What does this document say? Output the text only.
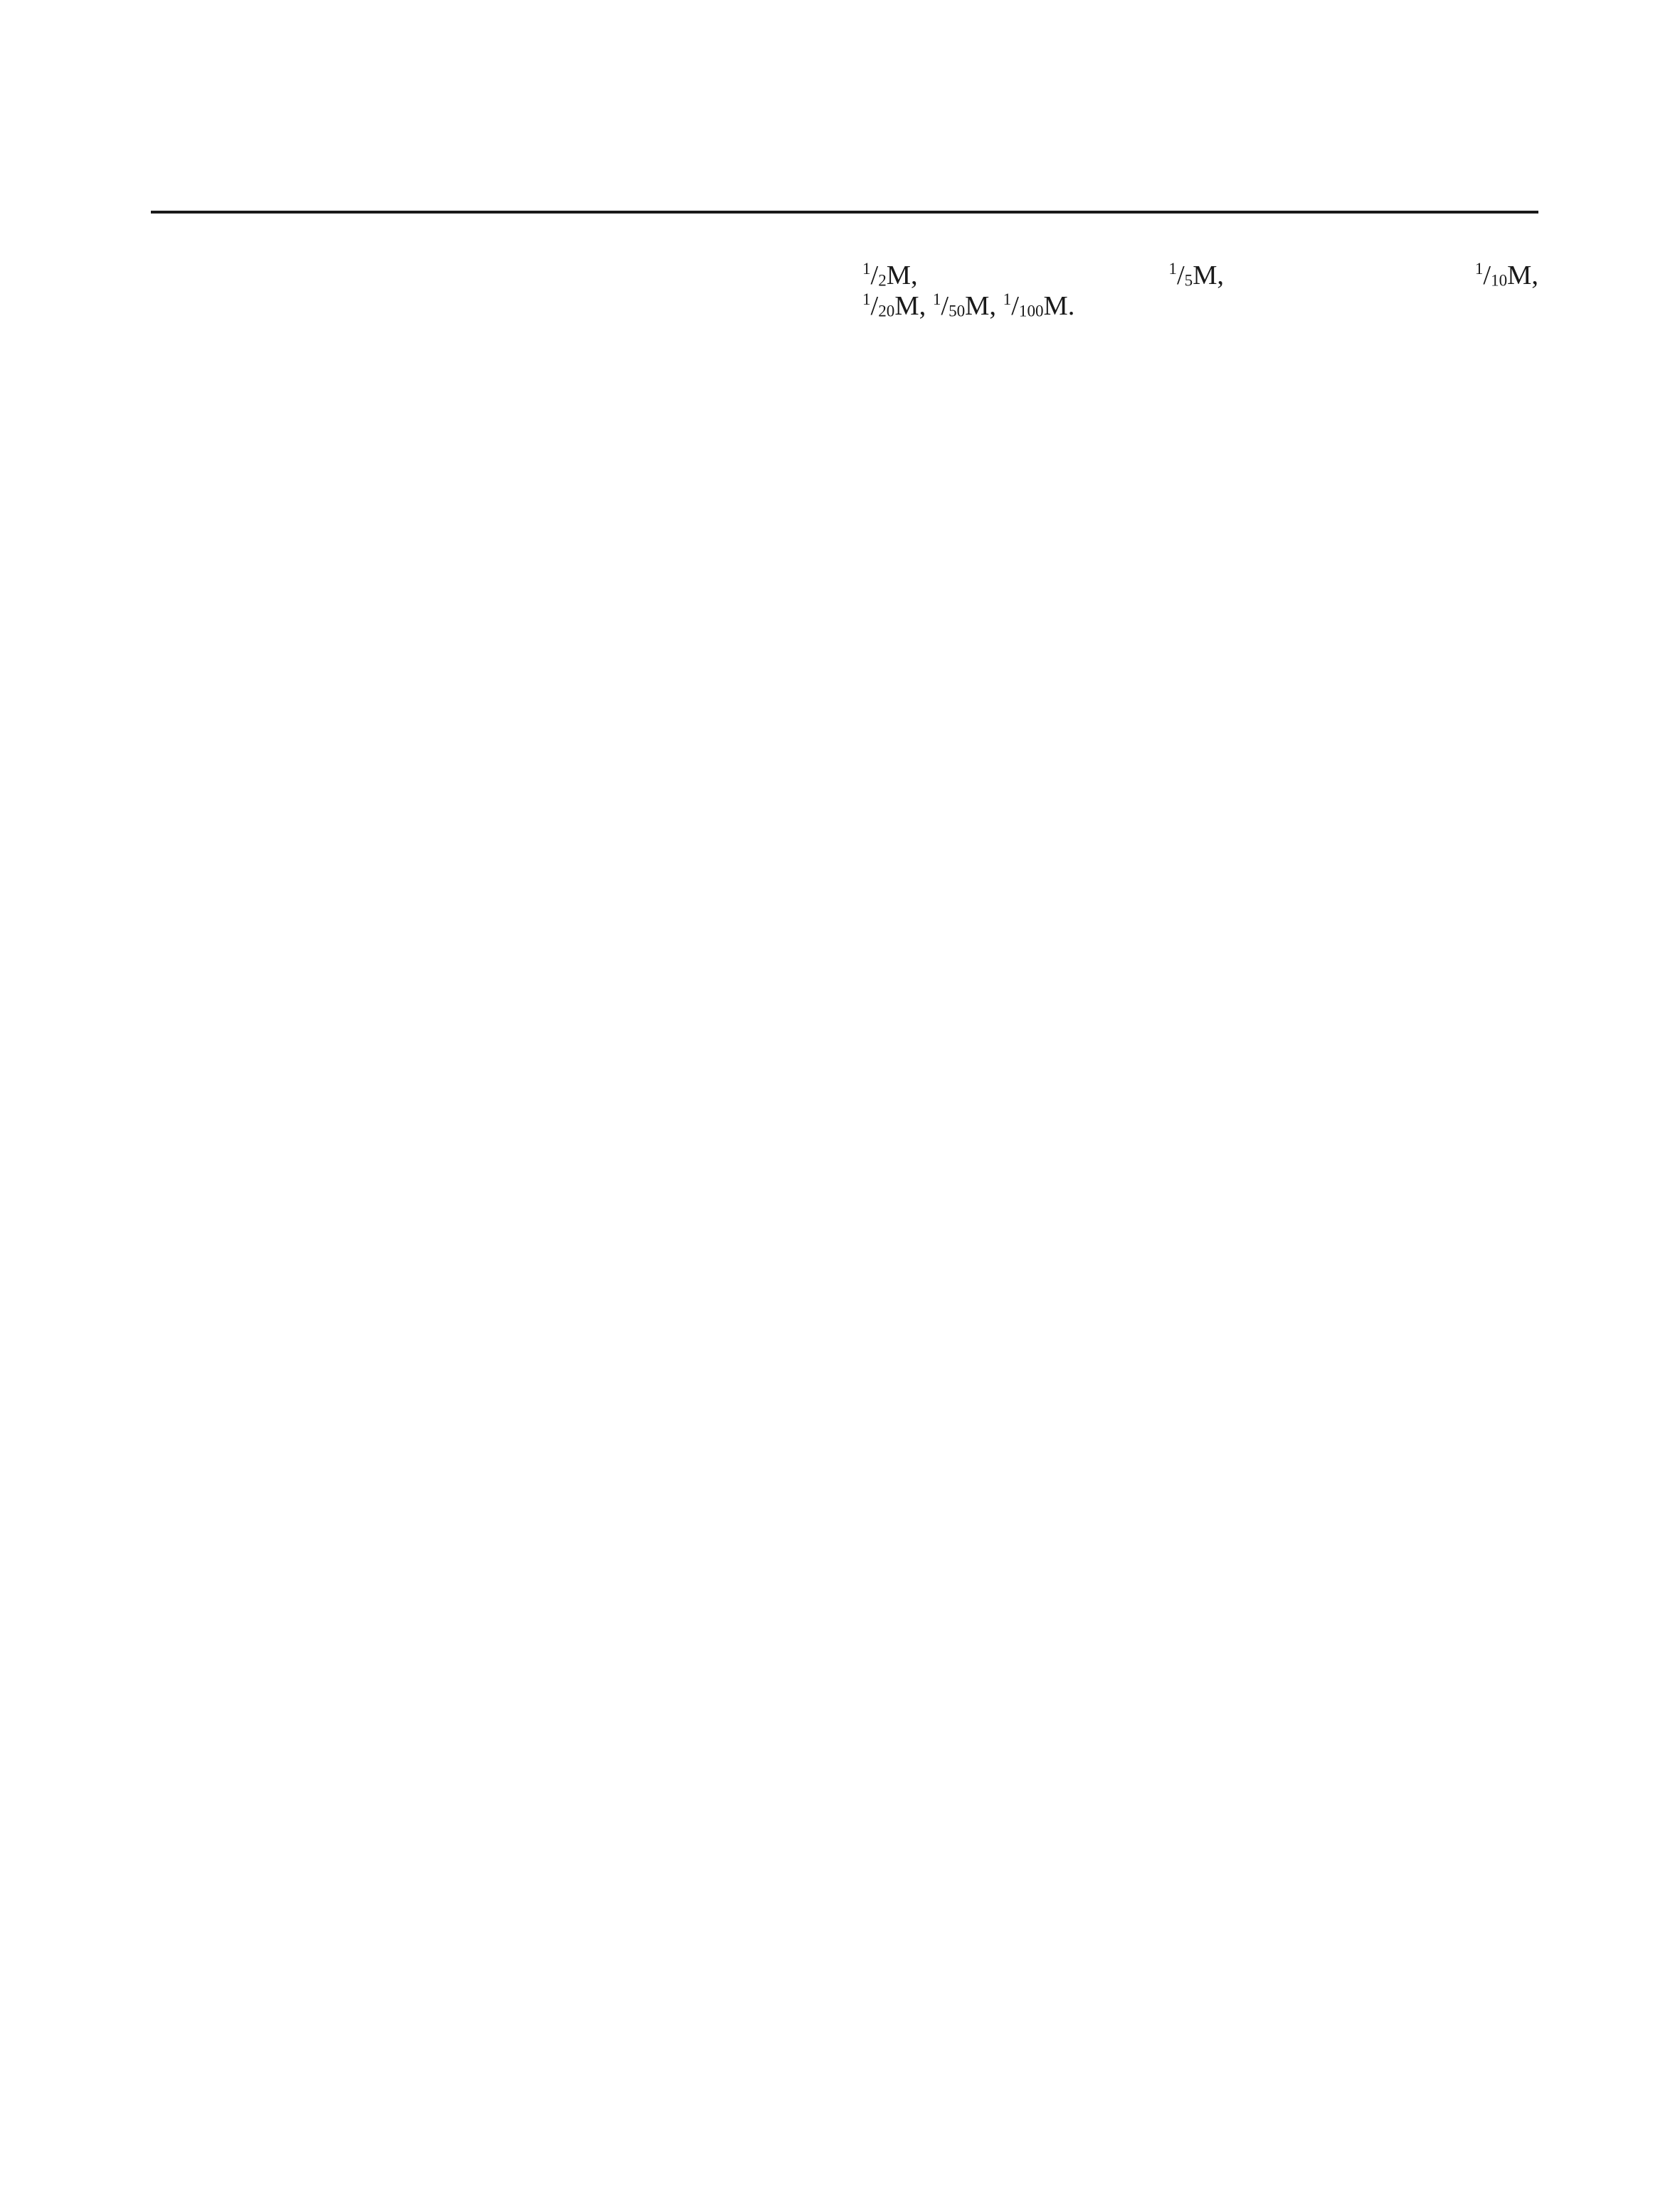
$^1/_2М$,	$^1/_5М$,	$^1/_{10}М$,

$^1/_{20}М$, $^1/_{50}М$, $^1/_{100}М$.
